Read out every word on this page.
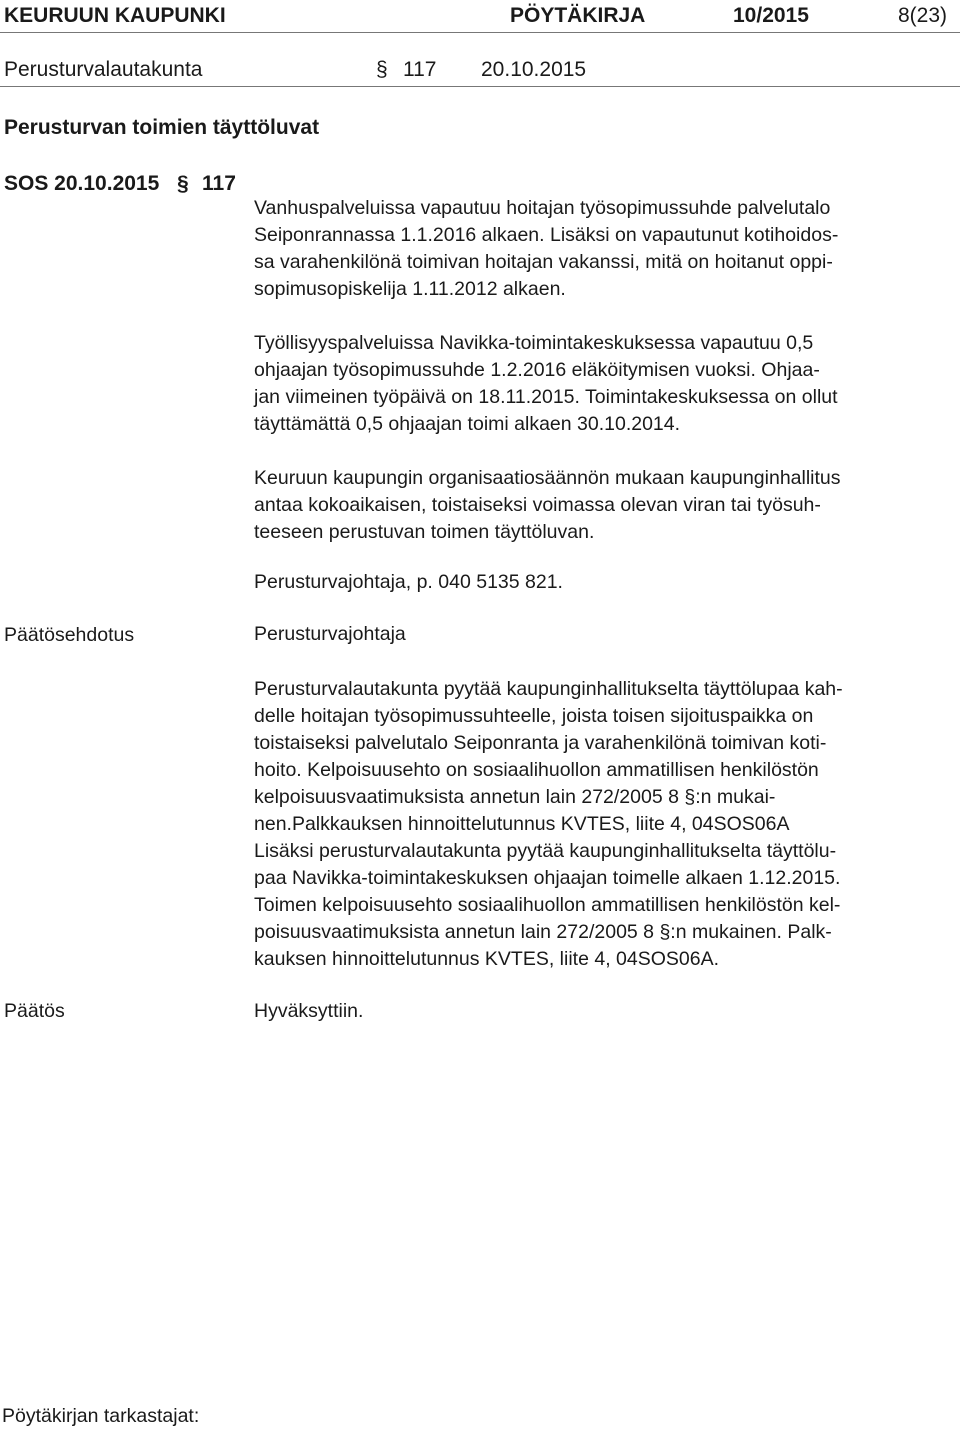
KEURUUN KAUPUNKI	PÖYTÄKIRJA	10/2015	8(23)
Perusturvalautakunta	§ 117 20.10.2015
Perusturvan toimien täyttöluvat
SOS 20.10.2015 § 117
Vanhuspalveluissa vapautuu hoitajan työsopimussuhde palvelutalo
Seiponrannassa 1.1.2016 alkaen. Lisäksi on vapautunut kotihoidos-
sa varahenkilönä toimivan hoitajan vakanssi, mitä on hoitanut oppi-
sopimusopiskelija 1.11.2012 alkaen.
Työllisyyspalveluissa Navikka-toimintakeskuksessa vapautuu 0,5
ohjaajan työsopimussuhde 1.2.2016 eläköitymisen vuoksi. Ohjaa-
jan viimeinen työpäivä on 18.11.2015. Toimintakeskuksessa on ollut
täyttämättä 0,5 ohjaajan toimi alkaen 30.10.2014.
Keuruun kaupungin organisaatiosäännön mukaan kaupunginhallitus
antaa kokoaikaisen, toistaiseksi voimassa olevan viran tai työsuh-
teeseen perustuvan toimen täyttöluvan.
Perusturvajohtaja, p. 040 5135 821.
Päätösehdotus	Perusturvajohtaja
Perusturvalautakunta pyytää kaupunginhallitukselta täyttölupaa kah-
delle hoitajan työsopimussuhteelle, joista toisen sijoituspaikka on
toistaiseksi palvelutalo Seiponranta ja varahenkilönä toimivan koti-
hoito. Kelpoisuusehto on sosiaalihuollon ammatillisen henkilöstön
kelpoisuusvaatimuksista annetun lain 272/2005 8 §:n mukai-
nen.Palkkauksen hinnoittelutunnus KVTES, liite 4, 04SOS06A
Lisäksi perusturvalautakunta pyytää kaupunginhallitukselta täyttölu-
paa Navikka-toimintakeskuksen ohjaajan toimelle alkaen 1.12.2015.
Toimen kelpoisuusehto sosiaalihuollon ammatillisen henkilöstön kel-
poisuusvaatimuksista annetun lain 272/2005 8 §:n mukainen. Palk-
kauksen hinnoittelutunnus KVTES, liite 4, 04SOS06A.
Päätös	Hyväksyttiin.
Pöytäkirjan tarkastajat:
